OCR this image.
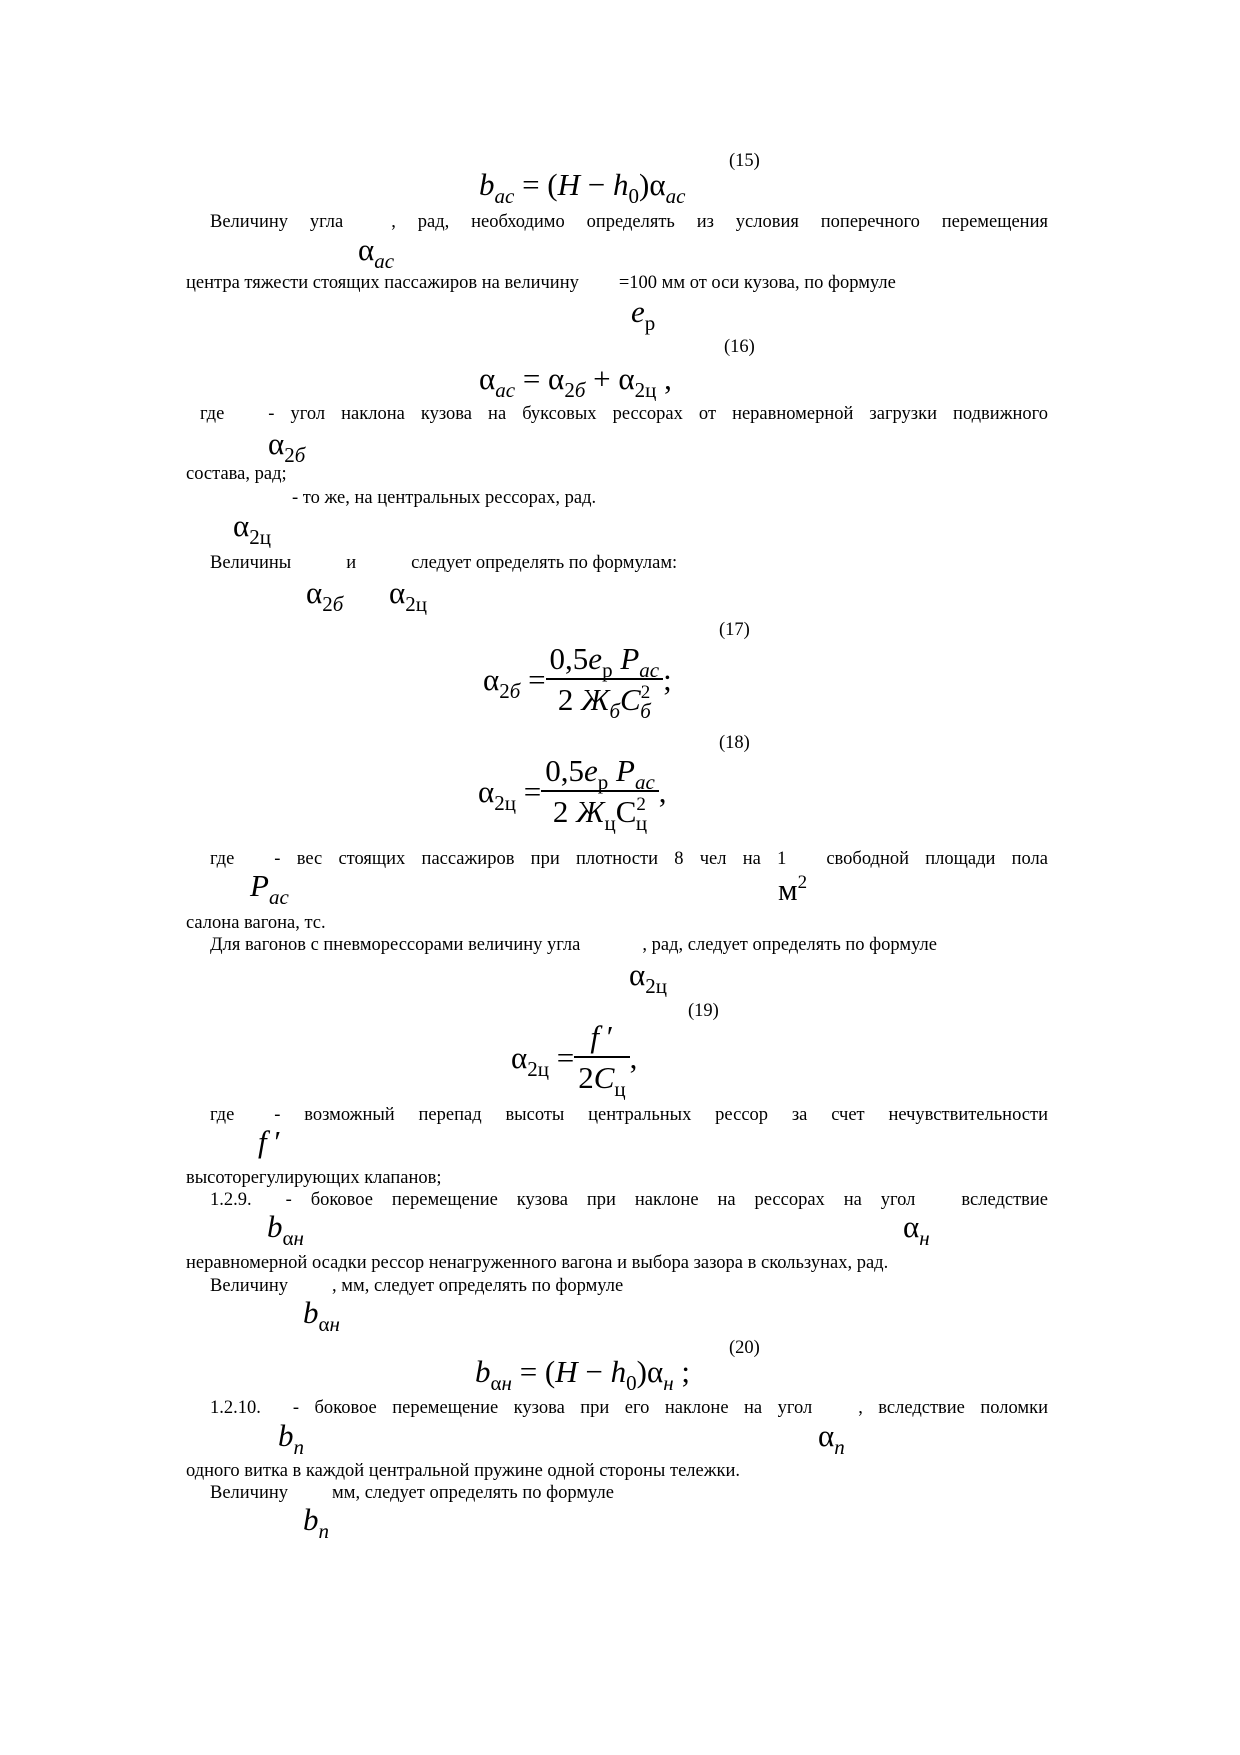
(15)
$b_{ас} = (H - h_0)\alpha_{ас}$
Величину угла	, рад, необходимо определять из условия поперечного перемещения
$\alpha_{ас}$
центра тяжести стоящих пассажиров на величину =100 мм от оси кузова, по формуле
$e_р$
(16)
$\alpha_{ас} = \alpha_{2б} + \alpha_{2ц}$ ,
где - угол наклона кузова на буксовых рессорах от неравномерной загрузки подвижного
$\alpha_{2б}$
состава, рад;
- то же, на центральных рессорах, рад.
$\alpha_{2ц}$
Величины	и	следует определять по формулам:
$\alpha_{2б}$ $\alpha_{2ц}$
(17)
$\alpha_{2б} = \frac{0,5e_р P_{ас}}{2 Ж_бC^2_б}$ ;
(18)
$\alpha_{2ц} = \frac{0,5e_р P_{ас}}{2 Ж_цС^2_ц}$ ,
где - вес стоящих пассажиров при плотности 8 чел на 1 свободной площади пола
$P_{ас}$	$м^2$
салона вагона, тс.
Для вагонов с пневморессорами величину угла	, рад, следует определять по формуле
$\alpha_{2ц}$
(19)
$\alpha_{2ц} = \frac{f '}{2C_ц}$ ,
где - возможный перепад высоты центральных рессор за счет нечувствительности
f ′
высоторегулирующих клапанов;
1.2.9. - боковое перемещение кузова при наклоне на рессорах на угол вследствие
$b_{\alpha н}$	$\alpha_н$
неравномерной осадки рессор ненагруженного вагона и выбора зазора в скользунах, рад.
Величину , мм, следует определять по формуле
$b_{\alpha н}$
(20)
$b_{\alpha н} = (H - h_0)\alpha_н$ ;
1.2.10. - боковое перемещение кузова при его наклоне на угол , вследствие поломки
$b_п$	$\alpha_п$
одного витка в каждой центральной пружине одной стороны тележки.
Величину мм, следует определять по формуле
$b_п$
